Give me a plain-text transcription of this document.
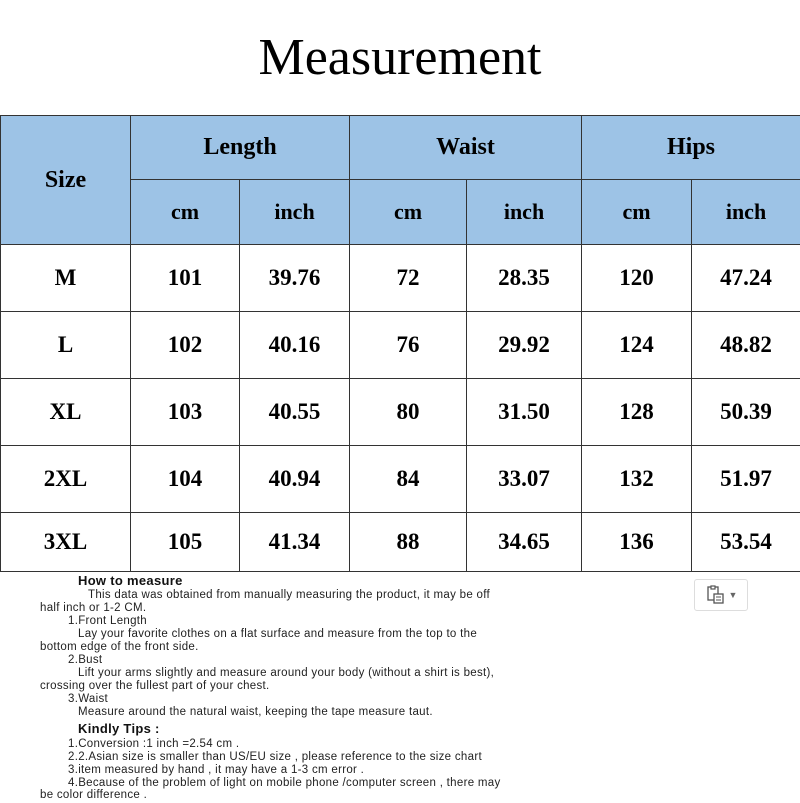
Measurement
Size	Length		Waist		Hips	
	cm	inch	cm	inch	cm	inch
M	101	39.76	72	28.35	120	47.24
L	102	40.16	76	29.92	124	48.82
XL	103	40.55	80	31.50	128	50.39
2XL	104	40.94	84	33.07	132	51.97
3XL	105	41.34	88	34.65	136	53.54
How to measure
This data was obtained from manually measuring the product, it may be off
half inch or 1-2 CM.
1.Front Length
Lay your favorite clothes on a flat surface and measure from the top to the
bottom edge of the front side.
2.Bust
Lift your arms slightly and measure around your body (without a shirt is best),
crossing over the fullest part of your chest.
3.Waist
Measure around the natural waist, keeping the tape measure taut.
Kindly Tips :
1.Conversion :1 inch =2.54 cm .
2.2.Asian size is smaller than US/EU size , please reference to the size chart
3.item measured by hand , it may have a 1-3 cm error .
4.Because of the problem of light on mobile phone /computer screen , there may
be color difference .
▼
